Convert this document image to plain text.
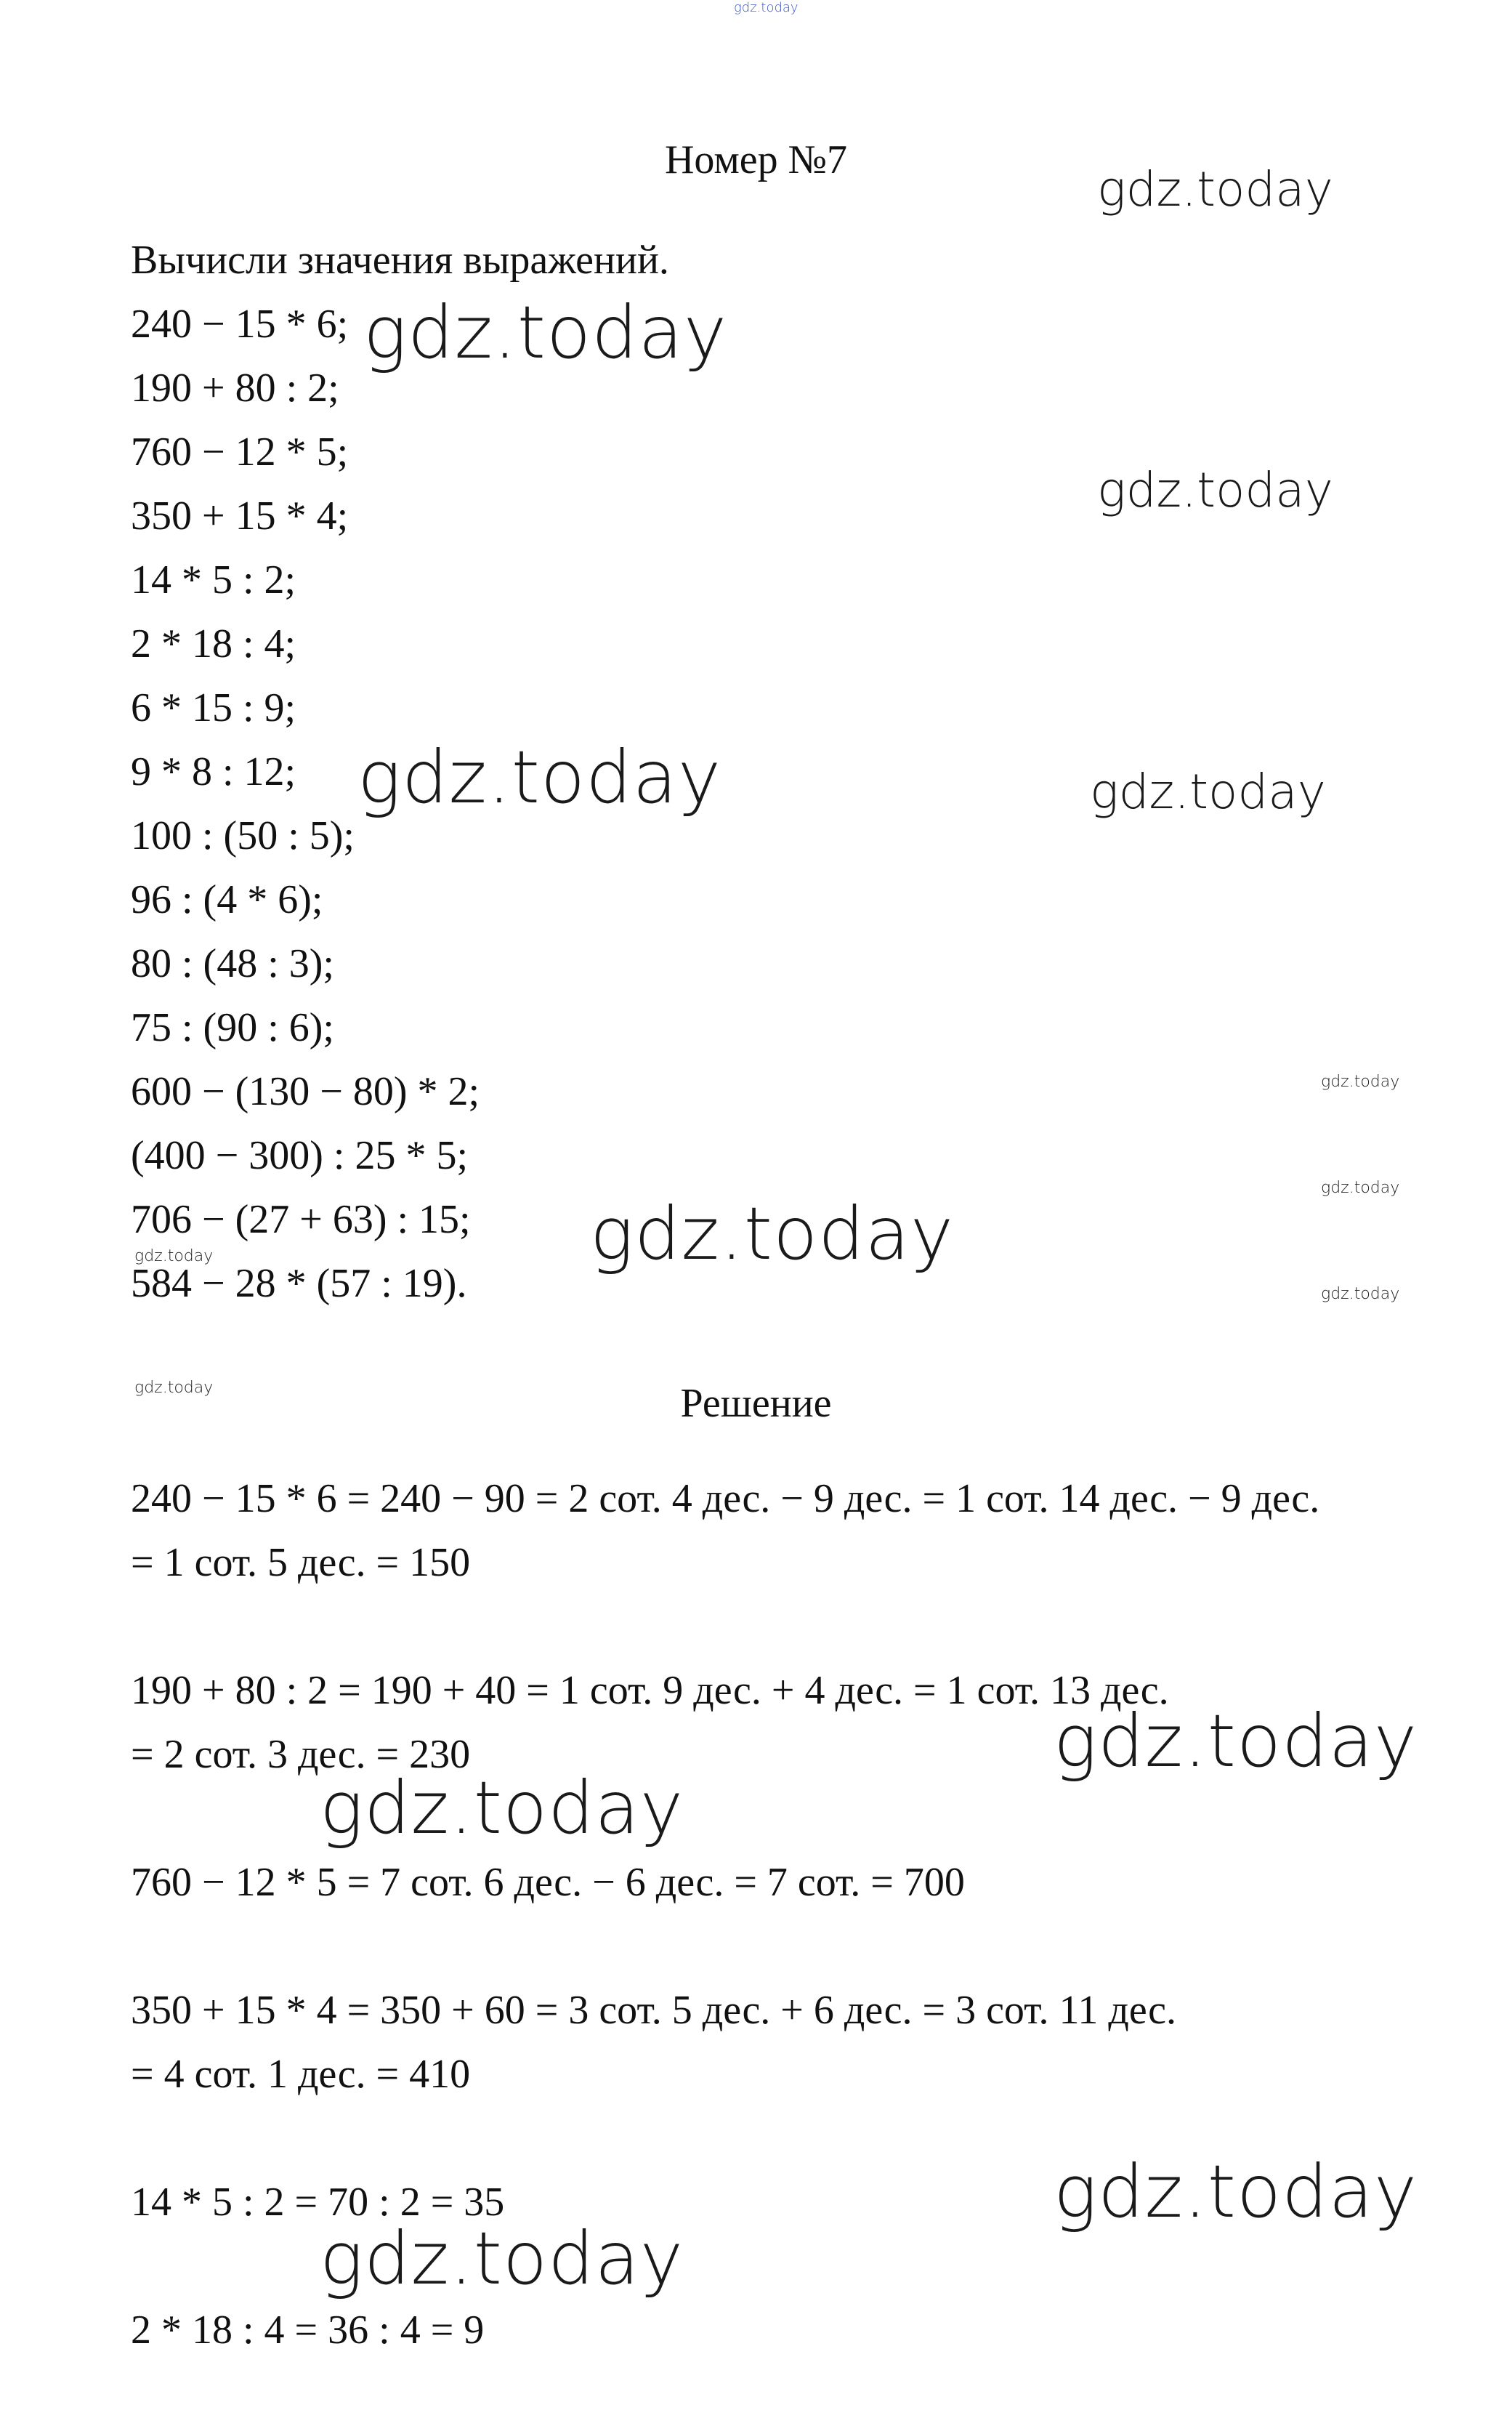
gdz.today
Номер №7
Вычисли значения выражений.
240 − 15 * 6;
190 + 80 : 2;
760 − 12 * 5;
350 + 15 * 4;
14 * 5 : 2;
2 * 18 : 4;
6 * 15 : 9;
9 * 8 : 12;
100 : (50 : 5);
96 : (4 * 6);
80 : (48 : 3);
75 : (90 : 6);
600 − (130 − 80) * 2;
(400 − 300) : 25 * 5;
706 − (27 + 63) : 15;
584 − 28 * (57 : 19).
Решение
240 − 15 * 6 = 240 − 90 = 2 сот. 4 дес. − 9 дес. = 1 сот. 14 дес. − 9 дес.
= 1 сот. 5 дес. = 150
190 + 80 : 2 = 190 + 40 = 1 сот. 9 дес. + 4 дес. = 1 сот. 13 дес.
= 2 сот. 3 дес. = 230
760 − 12 * 5 = 7 сот. 6 дес. − 6 дес. = 7 сот. = 700
350 + 15 * 4 = 350 + 60 = 3 сот. 5 дес. + 6 дес. = 3 сот. 11 дес.
= 4 сот. 1 дес. = 410
14 * 5 : 2 = 70 : 2 = 35
2 * 18 : 4 = 36 : 4 = 9
gdz.today
gdz.today
gdz.today
gdz.today	gdz.today
gdz.today
gdz.today
gdz.today
gdz.today
gdz.today
gdz.today
gdz.today
gdz.today
gdz.today
gdz.today
